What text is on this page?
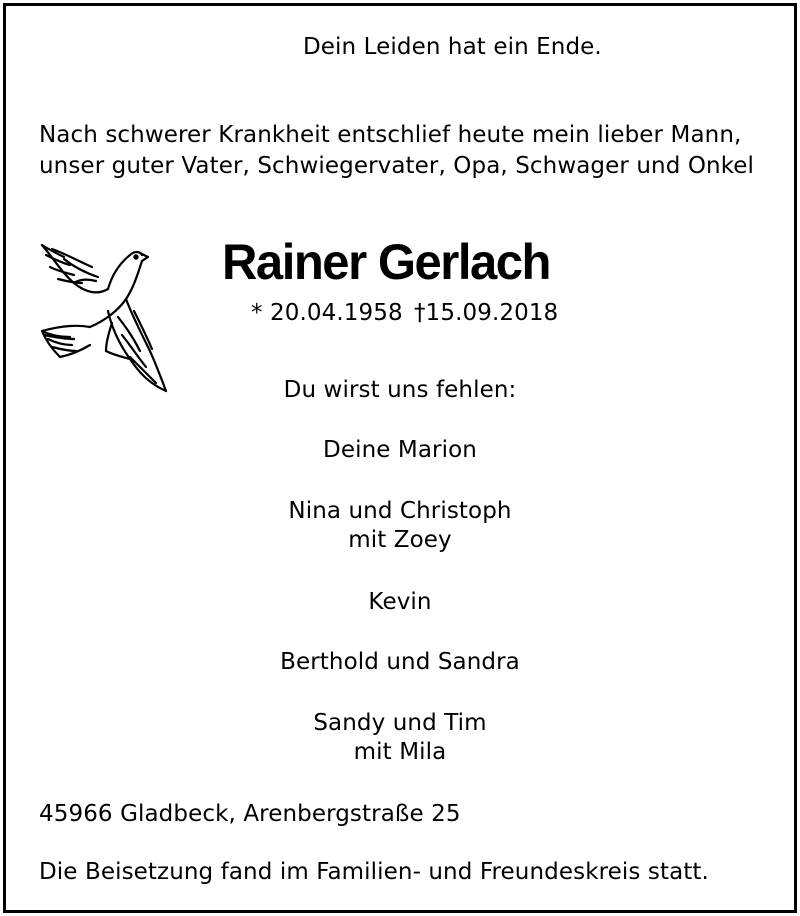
Dein Leiden hat ein Ende.
Nach schwerer Krankheit entschlief heute mein lieber Mann,
unser guter Vater, Schwiegervater, Opa, Schwager und Onkel
Rainer Gerlach
* 20.04.1958 †15.09.2018
Du wirst uns fehlen:
Deine Marion
Nina und Christoph
mit Zoey
Kevin
Berthold und Sandra
Sandy und Tim
mit Mila
45966 Gladbeck, Arenbergstraße 25
Die Beisetzung fand im Familien- und Freundeskreis statt.
